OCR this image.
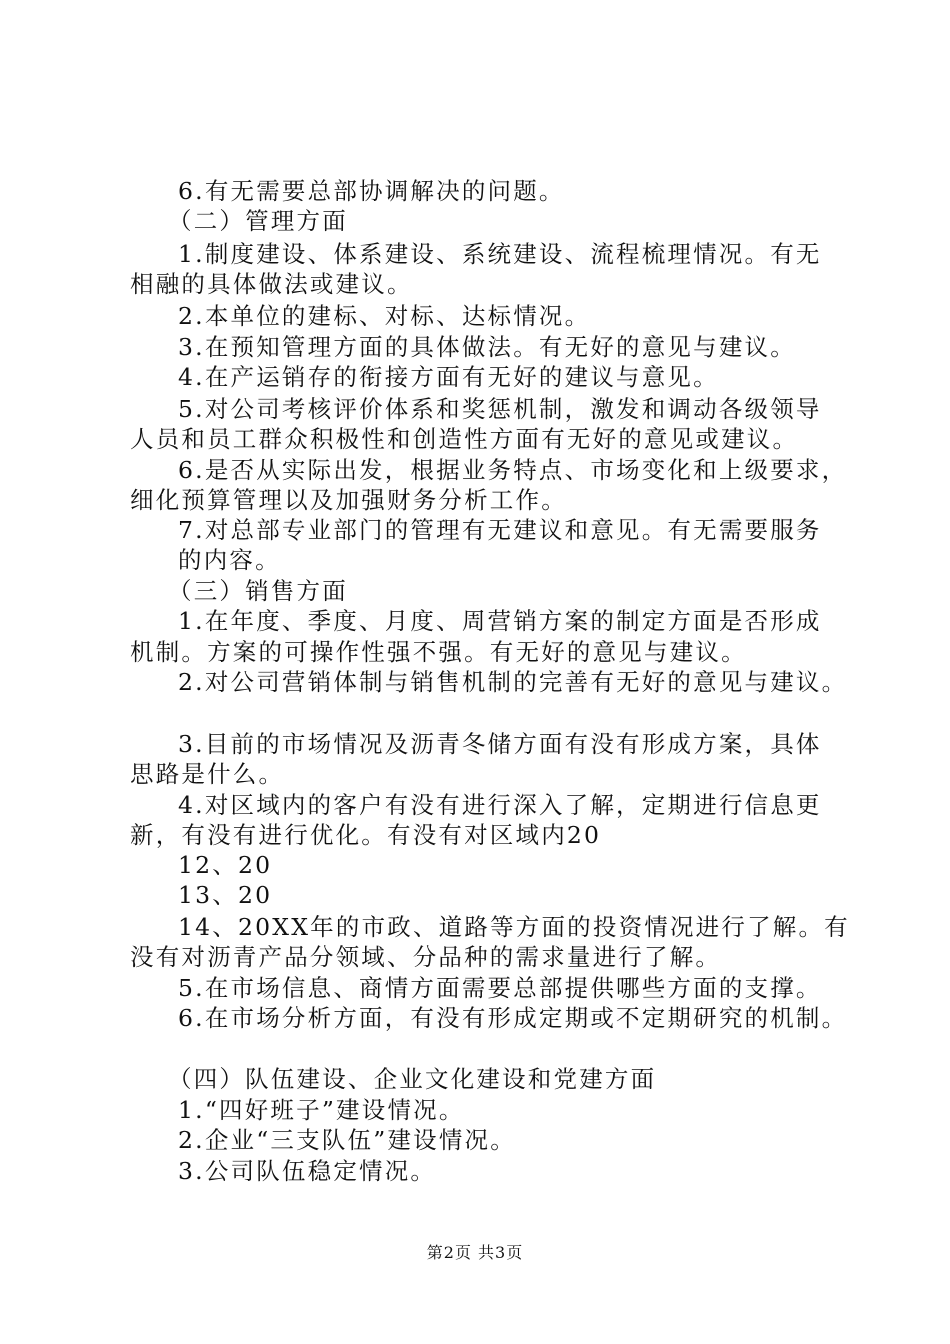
6.有无需要总部协调解决的问题。
（二）管理方面
1.制度建设、体系建设、系统建设、流程梳理情况。有无
相融的具体做法或建议。
2.本单位的建标、对标、达标情况。
3.在预知管理方面的具体做法。有无好的意见与建议。
4.在产运销存的衔接方面有无好的建议与意见。
5.对公司考核评价体系和奖惩机制，激发和调动各级领导
人员和员工群众积极性和创造性方面有无好的意见或建议。
6.是否从实际出发，根据业务特点、市场变化和上级要求，
细化预算管理以及加强财务分析工作。
7.对总部专业部门的管理有无建议和意见。有无需要服务
的内容。
（三）销售方面
1.在年度、季度、月度、周营销方案的制定方面是否形成
机制。方案的可操作性强不强。有无好的意见与建议。
2.对公司营销体制与销售机制的完善有无好的意见与建议。
3.目前的市场情况及沥青冬储方面有没有形成方案，具体
思路是什么。
4.对区域内的客户有没有进行深入了解，定期进行信息更
新，有没有进行优化。有没有对区域内20
12、20
13、20
14、20XX年的市政、道路等方面的投资情况进行了解。有
没有对沥青产品分领域、分品种的需求量进行了解。
5.在市场信息、商情方面需要总部提供哪些方面的支撑。
6.在市场分析方面，有没有形成定期或不定期研究的机制。
（四）队伍建设、企业文化建设和党建方面
1.“四好班子”建设情况。
2.企业“三支队伍”建设情况。
3.公司队伍稳定情况。
第2页 共3页
